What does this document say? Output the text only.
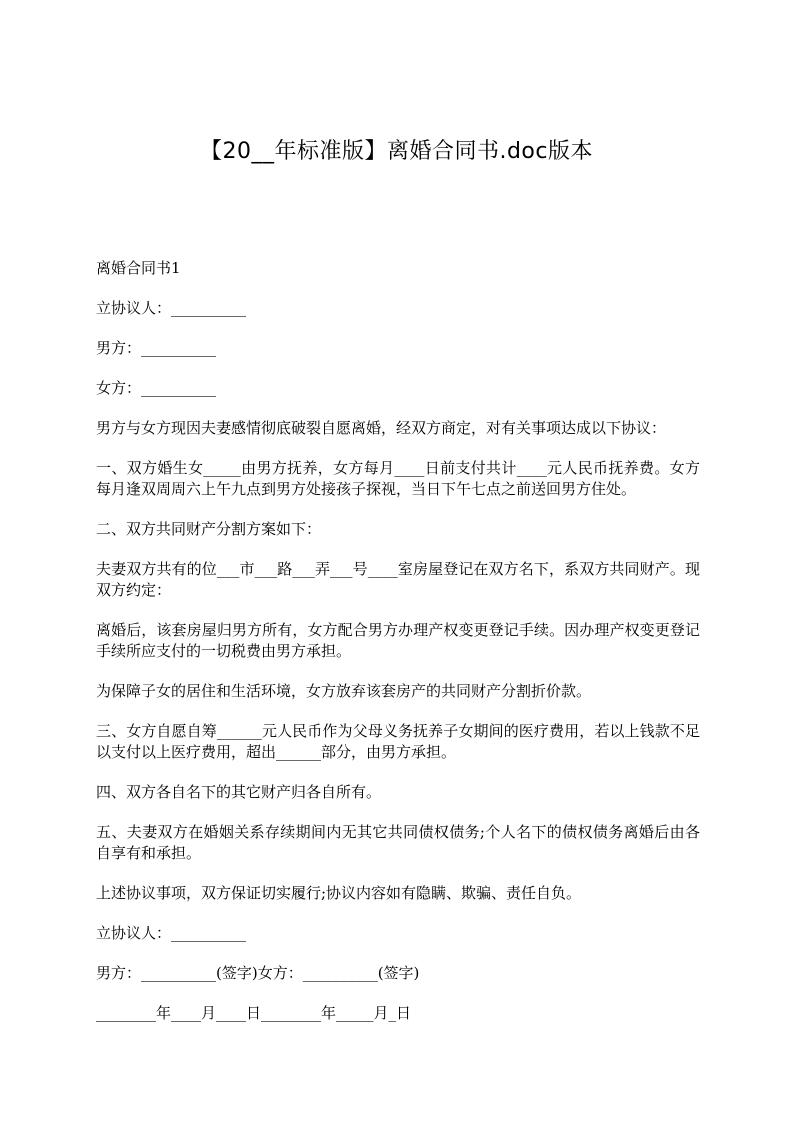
【20__年标准版】离婚合同书.doc版本

离婚合同书1

立协议人：__________

男方：__________

女方：__________

男方与女方现因夫妻感情彻底破裂自愿离婚，经双方商定，对有关事项达成以下协议：

一、双方婚生女_____由男方抚养，女方每月____日前支付共计____元人民币抚养费。女方每月逢双周周六上午九点到男方处接孩子探视，当日下午七点之前送回男方住处。

二、双方共同财产分割方案如下：

夫妻双方共有的位___市___路___弄___号____室房屋登记在双方名下，系双方共同财产。现双方约定：

离婚后，该套房屋归男方所有，女方配合男方办理产权变更登记手续。因办理产权变更登记手续所应支付的一切税费由男方承担。

为保障子女的居住和生活环境，女方放弃该套房产的共同财产分割折价款。

三、女方自愿自筹______元人民币作为父母义务抚养子女期间的医疗费用，若以上钱款不足以支付以上医疗费用，超出______部分，由男方承担。

四、双方各自名下的其它财产归各自所有。

五、夫妻双方在婚姻关系存续期间内无其它共同债权债务;个人名下的债权债务离婚后由各自享有和承担。

上述协议事项，双方保证切实履行;协议内容如有隐瞒、欺骗、责任自负。

立协议人：__________

男方：__________(签字)女方：__________(签字)

________年____月____日________年_____月_日
